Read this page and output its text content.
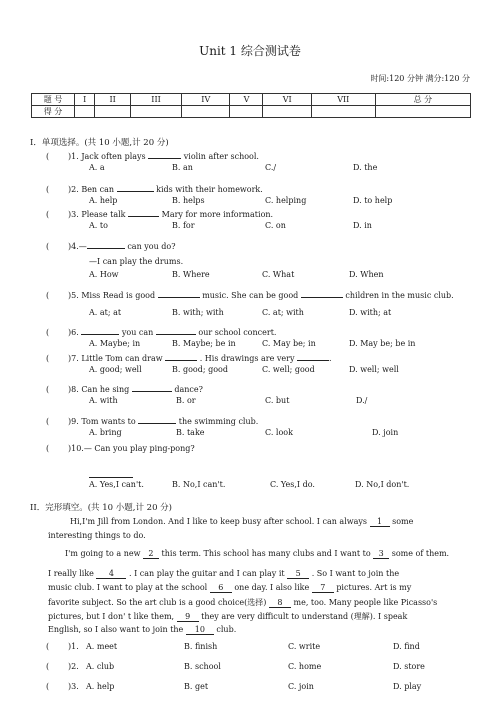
Unit 1 综合测试卷
时间:120 分钟 满分:120 分
题 号	I	II	III	IV	V	VI	VII	总 分
得 分								
I．单项选择。(共 10 小题,计 20 分)
( )1. Jack often plays	violin after school.
A. a	B. an	C./	D. the
( )2. Ben can	kids with their homework.
A. help	B. helps	C. helping	D. to help
( )3. Please talk	Mary for more information.
A. to	B. for	C. on	D. in
( )4.—	can you do?
—I can play the drums.
A. How	B. Where	C. What	D. When
( )5. Miss Read is good	music. She can be good	children in the music club.
A. at; at	B. with; with	C. at; with	D. with; at
( )6.	you can	our school concert.
A. Maybe; in	B. Maybe; be in	C. May be; in	D. May be; be in
( )7. Little Tom can draw	. His drawings are very	.
A. good; well	B. good; good	C. well; good	D. well; well
( )8. Can he sing	dance?
A. with	B. or	C. but	D./
( )9. Tom wants to	the swimming club.
A. bring	B. take	C. look	D. join
( )10.— Can you play ping-pong?
A. Yes,I can't.	B. No,I can't.	C. Yes,I do.	D. No,I don't.
II．完形填空。(共 10 小题,计 20 分)
Hi,I'm Jill from London. And I like to keep busy after school. I can always 1 some
interesting things to do.
I'm going to a new 2 this term. This school has many clubs and I want to 3 some of them.
I really like 4 . I can play the guitar and I can play it 5 . So I want to join the
music club. I want to play at the school 6 one day. I also like 7 pictures. Art is my
favorite subject. So the art club is a good choice(选择) 8 me, too. Many people like Picasso's
pictures, but I don' t like them, 9 they are very difficult to understand (理解). I speak
English, so I also want to join the 10 club.
( )1. A. meet	B. finish	C. write	D. find
( )2. A. club	B. school	C. home	D. store
( )3. A. help	B. get	C. join	D. play
